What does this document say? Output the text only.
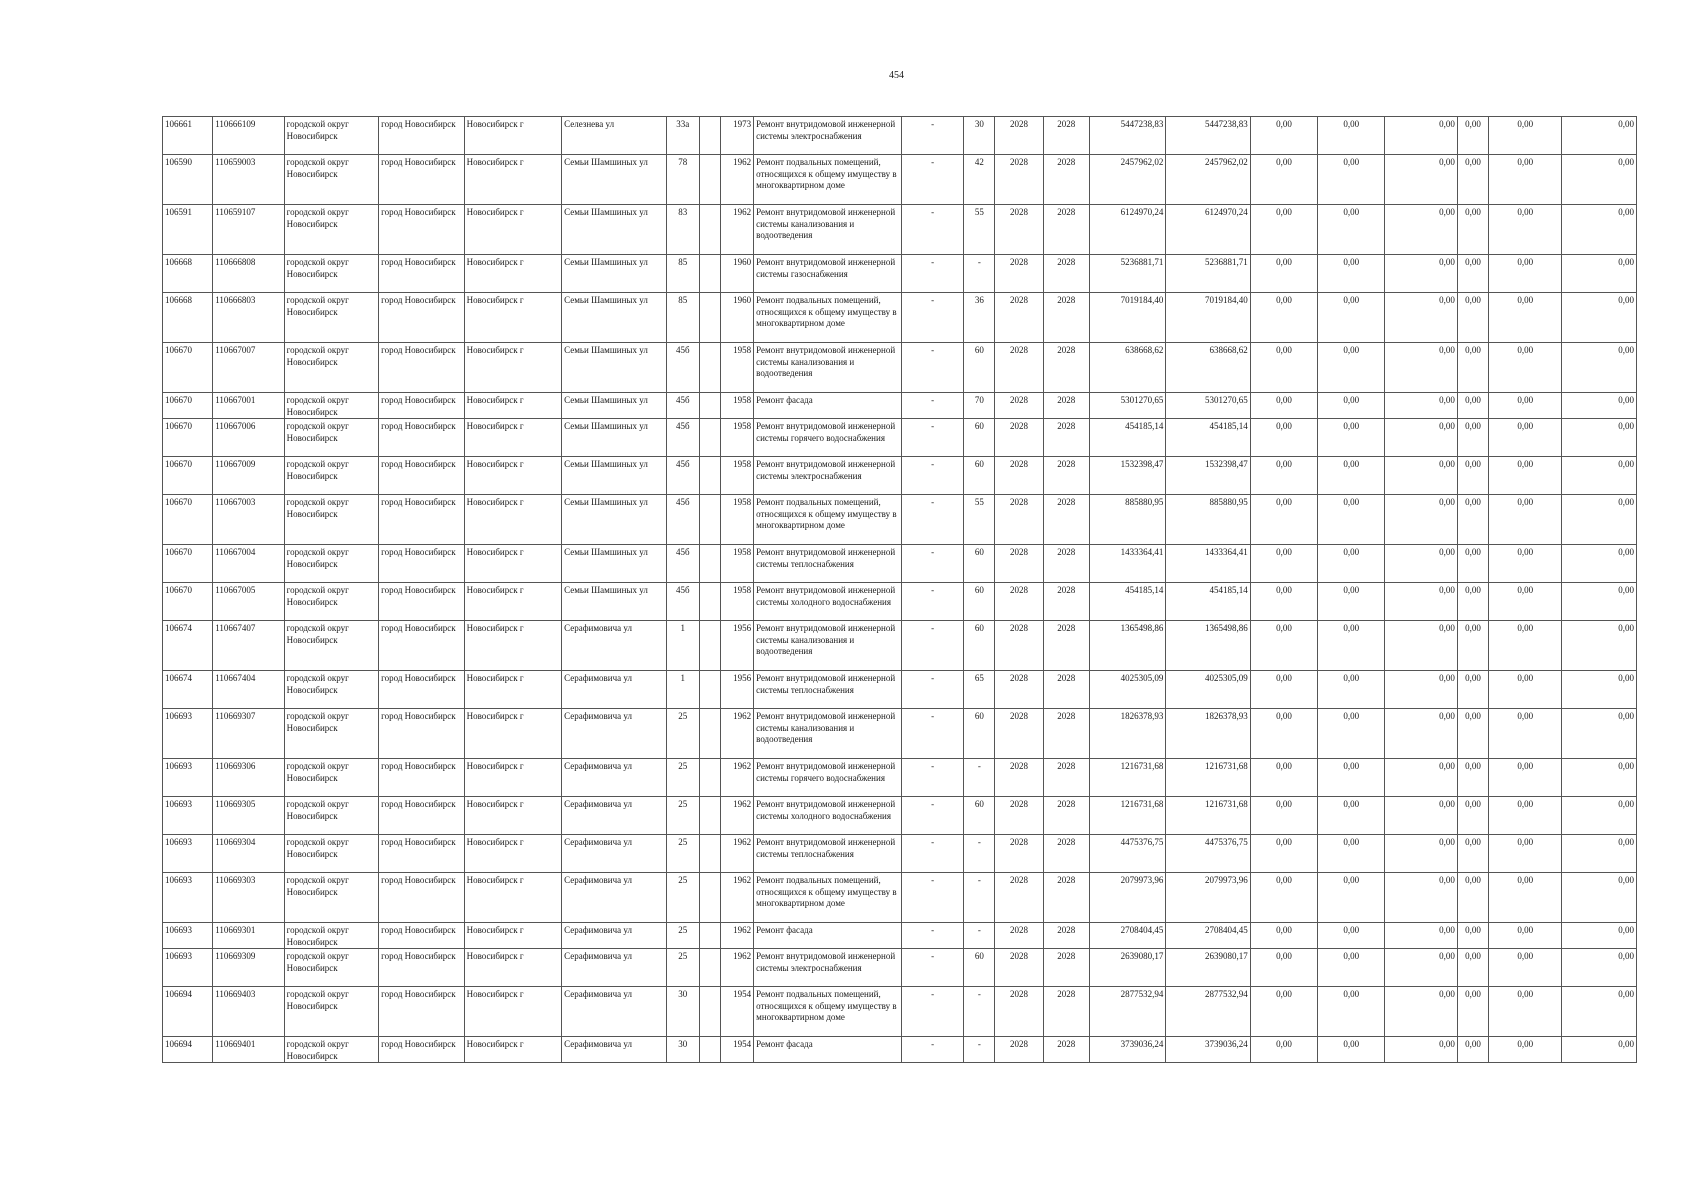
454
106661	110666109	городской округ Новосибирск	город Новосибирск	Новосибирск г	Селезнева ул	33а		1973	Ремонт внутридомовой инженерной системы электроснабжения	-	30	2028	2028	5447238,83	5447238,83	0,00	0,00	0,00	0,00	0,00	0,00
106590	110659003	городской округ Новосибирск	город Новосибирск	Новосибирск г	Семьи Шамшиных ул	78		1962	Ремонт подвальных помещений, относящихся к общему имуществу в многоквартирном доме	-	42	2028	2028	2457962,02	2457962,02	0,00	0,00	0,00	0,00	0,00	0,00
106591	110659107	городской округ Новосибирск	город Новосибирск	Новосибирск г	Семьи Шамшиных ул	83		1962	Ремонт внутридомовой инженерной системы канализования и водоотведения	-	55	2028	2028	6124970,24	6124970,24	0,00	0,00	0,00	0,00	0,00	0,00
106668	110666808	городской округ Новосибирск	город Новосибирск	Новосибирск г	Семьи Шамшиных ул	85		1960	Ремонт внутридомовой инженерной системы газоснабжения	-	-	2028	2028	5236881,71	5236881,71	0,00	0,00	0,00	0,00	0,00	0,00
106668	110666803	городской округ Новосибирск	город Новосибирск	Новосибирск г	Семьи Шамшиных ул	85		1960	Ремонт подвальных помещений, относящихся к общему имуществу в многоквартирном доме	-	36	2028	2028	7019184,40	7019184,40	0,00	0,00	0,00	0,00	0,00	0,00
106670	110667007	городской округ Новосибирск	город Новосибирск	Новосибирск г	Семьи Шамшиных ул	45б		1958	Ремонт внутридомовой инженерной системы канализования и водоотведения	-	60	2028	2028	638668,62	638668,62	0,00	0,00	0,00	0,00	0,00	0,00
106670	110667001	городской округ Новосибирск	город Новосибирск	Новосибирск г	Семьи Шамшиных ул	45б		1958	Ремонт фасада	-	70	2028	2028	5301270,65	5301270,65	0,00	0,00	0,00	0,00	0,00	0,00
106670	110667006	городской округ Новосибирск	город Новосибирск	Новосибирск г	Семьи Шамшиных ул	45б		1958	Ремонт внутридомовой инженерной системы горячего водоснабжения	-	60	2028	2028	454185,14	454185,14	0,00	0,00	0,00	0,00	0,00	0,00
106670	110667009	городской округ Новосибирск	город Новосибирск	Новосибирск г	Семьи Шамшиных ул	45б		1958	Ремонт внутридомовой инженерной системы электроснабжения	-	60	2028	2028	1532398,47	1532398,47	0,00	0,00	0,00	0,00	0,00	0,00
106670	110667003	городской округ Новосибирск	город Новосибирск	Новосибирск г	Семьи Шамшиных ул	45б		1958	Ремонт подвальных помещений, относящихся к общему имуществу в многоквартирном доме	-	55	2028	2028	885880,95	885880,95	0,00	0,00	0,00	0,00	0,00	0,00
106670	110667004	городской округ Новосибирск	город Новосибирск	Новосибирск г	Семьи Шамшиных ул	45б		1958	Ремонт внутридомовой инженерной системы теплоснабжения	-	60	2028	2028	1433364,41	1433364,41	0,00	0,00	0,00	0,00	0,00	0,00
106670	110667005	городской округ Новосибирск	город Новосибирск	Новосибирск г	Семьи Шамшиных ул	45б		1958	Ремонт внутридомовой инженерной системы холодного водоснабжения	-	60	2028	2028	454185,14	454185,14	0,00	0,00	0,00	0,00	0,00	0,00
106674	110667407	городской округ Новосибирск	город Новосибирск	Новосибирск г	Серафимовича ул	1		1956	Ремонт внутридомовой инженерной системы канализования и водоотведения	-	60	2028	2028	1365498,86	1365498,86	0,00	0,00	0,00	0,00	0,00	0,00
106674	110667404	городской округ Новосибирск	город Новосибирск	Новосибирск г	Серафимовича ул	1		1956	Ремонт внутридомовой инженерной системы теплоснабжения	-	65	2028	2028	4025305,09	4025305,09	0,00	0,00	0,00	0,00	0,00	0,00
106693	110669307	городской округ Новосибирск	город Новосибирск	Новосибирск г	Серафимовича ул	25		1962	Ремонт внутридомовой инженерной системы канализования и водоотведения	-	60	2028	2028	1826378,93	1826378,93	0,00	0,00	0,00	0,00	0,00	0,00
106693	110669306	городской округ Новосибирск	город Новосибирск	Новосибирск г	Серафимовича ул	25		1962	Ремонт внутридомовой инженерной системы горячего водоснабжения	-	-	2028	2028	1216731,68	1216731,68	0,00	0,00	0,00	0,00	0,00	0,00
106693	110669305	городской округ Новосибирск	город Новосибирск	Новосибирск г	Серафимовича ул	25		1962	Ремонт внутридомовой инженерной системы холодного водоснабжения	-	60	2028	2028	1216731,68	1216731,68	0,00	0,00	0,00	0,00	0,00	0,00
106693	110669304	городской округ Новосибирск	город Новосибирск	Новосибирск г	Серафимовича ул	25		1962	Ремонт внутридомовой инженерной системы теплоснабжения	-	-	2028	2028	4475376,75	4475376,75	0,00	0,00	0,00	0,00	0,00	0,00
106693	110669303	городской округ Новосибирск	город Новосибирск	Новосибирск г	Серафимовича ул	25		1962	Ремонт подвальных помещений, относящихся к общему имуществу в многоквартирном доме	-	-	2028	2028	2079973,96	2079973,96	0,00	0,00	0,00	0,00	0,00	0,00
106693	110669301	городской округ Новосибирск	город Новосибирск	Новосибирск г	Серафимовича ул	25		1962	Ремонт фасада	-	-	2028	2028	2708404,45	2708404,45	0,00	0,00	0,00	0,00	0,00	0,00
106693	110669309	городской округ Новосибирск	город Новосибирск	Новосибирск г	Серафимовича ул	25		1962	Ремонт внутридомовой инженерной системы электроснабжения	-	60	2028	2028	2639080,17	2639080,17	0,00	0,00	0,00	0,00	0,00	0,00
106694	110669403	городской округ Новосибирск	город Новосибирск	Новосибирск г	Серафимовича ул	30		1954	Ремонт подвальных помещений, относящихся к общему имуществу в многоквартирном доме	-	-	2028	2028	2877532,94	2877532,94	0,00	0,00	0,00	0,00	0,00	0,00
106694	110669401	городской округ Новосибирск	город Новосибирск	Новосибирск г	Серафимовича ул	30		1954	Ремонт фасада	-	-	2028	2028	3739036,24	3739036,24	0,00	0,00	0,00	0,00	0,00	0,00
